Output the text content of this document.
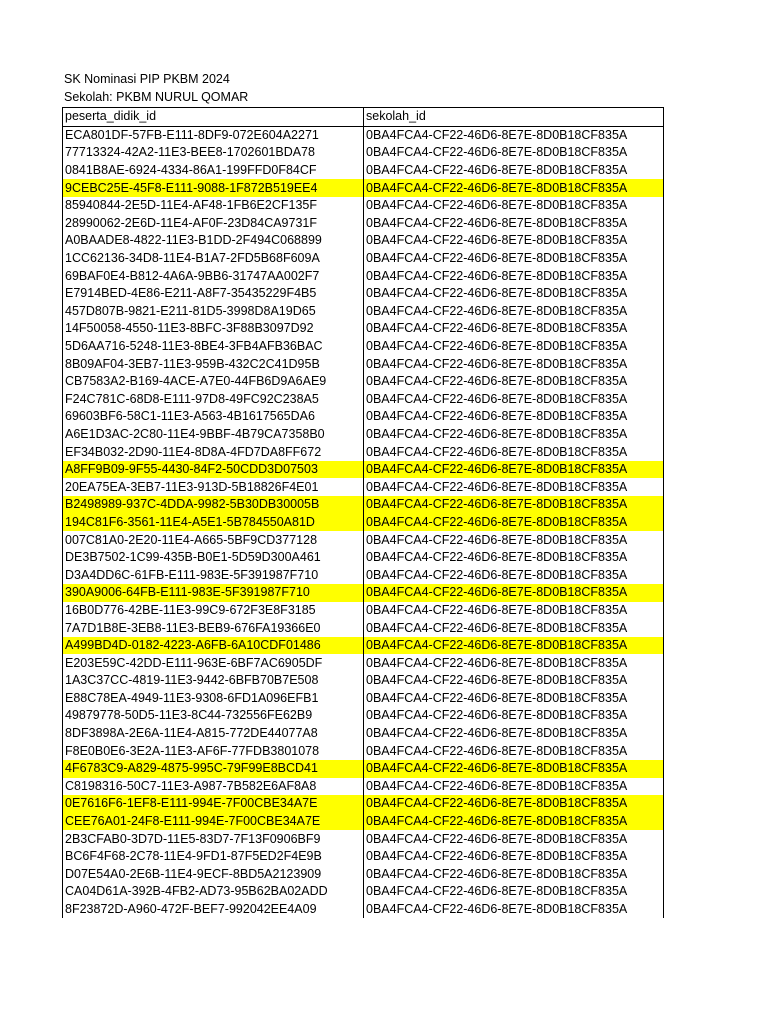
SK Nominasi PIP PKBM 2024
Sekolah: PKBM NURUL QOMAR
peserta_didik_id	sekolah_id
ECA801DF-57FB-E111-8DF9-072E604A2271	0BA4FCA4-CF22-46D6-8E7E-8D0B18CF835A
77713324-42A2-11E3-BEE8-1702601BDA78	0BA4FCA4-CF22-46D6-8E7E-8D0B18CF835A
0841B8AE-6924-4334-86A1-199FFD0F84CF	0BA4FCA4-CF22-46D6-8E7E-8D0B18CF835A
9CEBC25E-45F8-E111-9088-1F872B519EE4	0BA4FCA4-CF22-46D6-8E7E-8D0B18CF835A
85940844-2E5D-11E4-AF48-1FB6E2CF135F	0BA4FCA4-CF22-46D6-8E7E-8D0B18CF835A
28990062-2E6D-11E4-AF0F-23D84CA9731F	0BA4FCA4-CF22-46D6-8E7E-8D0B18CF835A
A0BAADE8-4822-11E3-B1DD-2F494C068899	0BA4FCA4-CF22-46D6-8E7E-8D0B18CF835A
1CC62136-34D8-11E4-B1A7-2FD5B68F609A	0BA4FCA4-CF22-46D6-8E7E-8D0B18CF835A
69BAF0E4-B812-4A6A-9BB6-31747AA002F7	0BA4FCA4-CF22-46D6-8E7E-8D0B18CF835A
E7914BED-4E86-E211-A8F7-35435229F4B5	0BA4FCA4-CF22-46D6-8E7E-8D0B18CF835A
457D807B-9821-E211-81D5-3998D8A19D65	0BA4FCA4-CF22-46D6-8E7E-8D0B18CF835A
14F50058-4550-11E3-8BFC-3F88B3097D92	0BA4FCA4-CF22-46D6-8E7E-8D0B18CF835A
5D6AA716-5248-11E3-8BE4-3FB4AFB36BAC	0BA4FCA4-CF22-46D6-8E7E-8D0B18CF835A
8B09AF04-3EB7-11E3-959B-432C2C41D95B	0BA4FCA4-CF22-46D6-8E7E-8D0B18CF835A
CB7583A2-B169-4ACE-A7E0-44FB6D9A6AE9	0BA4FCA4-CF22-46D6-8E7E-8D0B18CF835A
F24C781C-68D8-E111-97D8-49FC92C238A5	0BA4FCA4-CF22-46D6-8E7E-8D0B18CF835A
69603BF6-58C1-11E3-A563-4B1617565DA6	0BA4FCA4-CF22-46D6-8E7E-8D0B18CF835A
A6E1D3AC-2C80-11E4-9BBF-4B79CA7358B0	0BA4FCA4-CF22-46D6-8E7E-8D0B18CF835A
EF34B032-2D90-11E4-8D8A-4FD7DA8FF672	0BA4FCA4-CF22-46D6-8E7E-8D0B18CF835A
A8FF9B09-9F55-4430-84F2-50CDD3D07503	0BA4FCA4-CF22-46D6-8E7E-8D0B18CF835A
20EA75EA-3EB7-11E3-913D-5B18826F4E01	0BA4FCA4-CF22-46D6-8E7E-8D0B18CF835A
B2498989-937C-4DDA-9982-5B30DB30005B	0BA4FCA4-CF22-46D6-8E7E-8D0B18CF835A
194C81F6-3561-11E4-A5E1-5B784550A81D	0BA4FCA4-CF22-46D6-8E7E-8D0B18CF835A
007C81A0-2E20-11E4-A665-5BF9CD377128	0BA4FCA4-CF22-46D6-8E7E-8D0B18CF835A
DE3B7502-1C99-435B-B0E1-5D59D300A461	0BA4FCA4-CF22-46D6-8E7E-8D0B18CF835A
D3A4DD6C-61FB-E111-983E-5F391987F710	0BA4FCA4-CF22-46D6-8E7E-8D0B18CF835A
390A9006-64FB-E111-983E-5F391987F710	0BA4FCA4-CF22-46D6-8E7E-8D0B18CF835A
16B0D776-42BE-11E3-99C9-672F3E8F3185	0BA4FCA4-CF22-46D6-8E7E-8D0B18CF835A
7A7D1B8E-3EB8-11E3-BEB9-676FA19366E0	0BA4FCA4-CF22-46D6-8E7E-8D0B18CF835A
A499BD4D-0182-4223-A6FB-6A10CDF01486	0BA4FCA4-CF22-46D6-8E7E-8D0B18CF835A
E203E59C-42DD-E111-963E-6BF7AC6905DF	0BA4FCA4-CF22-46D6-8E7E-8D0B18CF835A
1A3C37CC-4819-11E3-9442-6BFB70B7E508	0BA4FCA4-CF22-46D6-8E7E-8D0B18CF835A
E88C78EA-4949-11E3-9308-6FD1A096EFB1	0BA4FCA4-CF22-46D6-8E7E-8D0B18CF835A
49879778-50D5-11E3-8C44-732556FE62B9	0BA4FCA4-CF22-46D6-8E7E-8D0B18CF835A
8DF3898A-2E6A-11E4-A815-772DE44077A8	0BA4FCA4-CF22-46D6-8E7E-8D0B18CF835A
F8E0B0E6-3E2A-11E3-AF6F-77FDB3801078	0BA4FCA4-CF22-46D6-8E7E-8D0B18CF835A
4F6783C9-A829-4875-995C-79F99E8BCD41	0BA4FCA4-CF22-46D6-8E7E-8D0B18CF835A
C8198316-50C7-11E3-A987-7B582E6AF8A8	0BA4FCA4-CF22-46D6-8E7E-8D0B18CF835A
0E7616F6-1EF8-E111-994E-7F00CBE34A7E	0BA4FCA4-CF22-46D6-8E7E-8D0B18CF835A
CEE76A01-24F8-E111-994E-7F00CBE34A7E	0BA4FCA4-CF22-46D6-8E7E-8D0B18CF835A
2B3CFAB0-3D7D-11E5-83D7-7F13F0906BF9	0BA4FCA4-CF22-46D6-8E7E-8D0B18CF835A
BC6F4F68-2C78-11E4-9FD1-87F5ED2F4E9B	0BA4FCA4-CF22-46D6-8E7E-8D0B18CF835A
D07E54A0-2E6B-11E4-9ECF-8BD5A2123909	0BA4FCA4-CF22-46D6-8E7E-8D0B18CF835A
CA04D61A-392B-4FB2-AD73-95B62BA02ADD	0BA4FCA4-CF22-46D6-8E7E-8D0B18CF835A
8F23872D-A960-472F-BEF7-992042EE4A09	0BA4FCA4-CF22-46D6-8E7E-8D0B18CF835A
